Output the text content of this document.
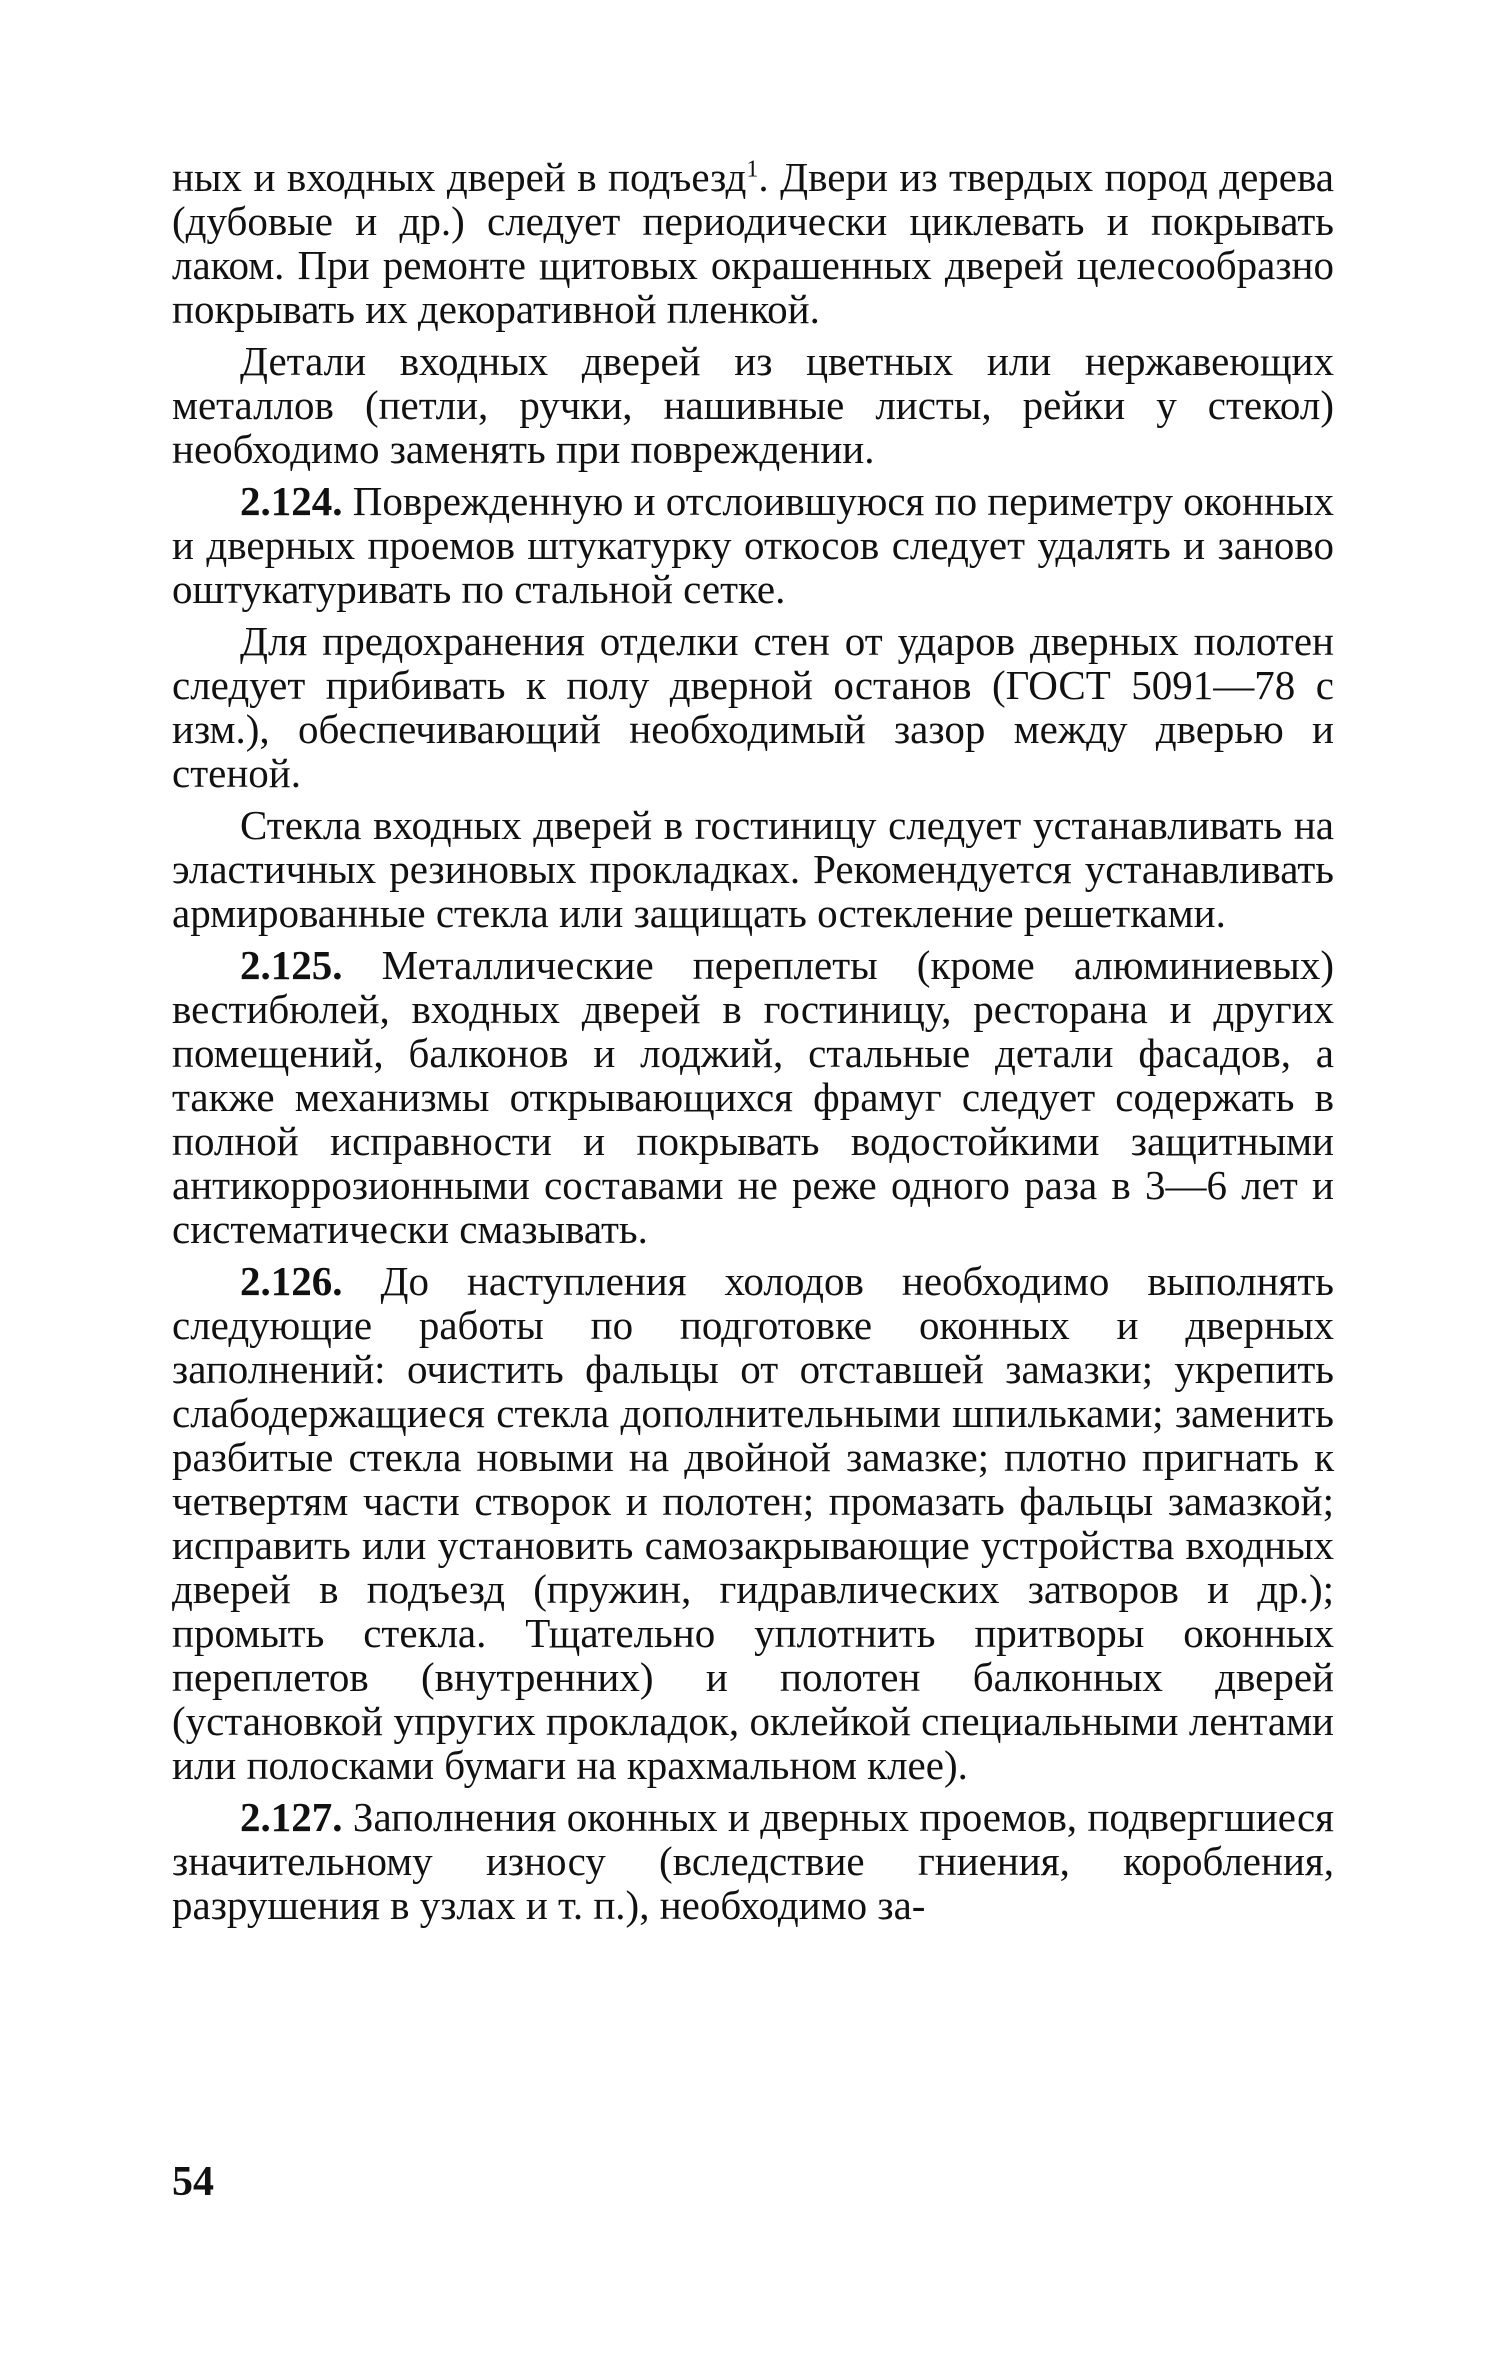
ных и входных дверей в подъезд$^1$. Двери из твердых пород дерева (дубовые и др.) следует периодически циклевать и покрывать лаком. При ремонте щитовых окрашенных дверей целесообразно покрывать их декоративной пленкой.

Детали входных дверей из цветных или нержавеющих металлов (петли, ручки, нашивные листы, рейки у стекол) необходимо заменять при повреждении.

2.124. Поврежденную и отслоившуюся по периметру оконных и дверных проемов штукатурку откосов следует удалять и заново оштукатуривать по стальной сетке.

Для предохранения отделки стен от ударов дверных полотен следует прибивать к полу дверной останов (ГОСТ 5091—78 с изм.), обеспечивающий необходимый зазор между дверью и стеной.

Стекла входных дверей в гостиницу следует устанавливать на эластичных резиновых прокладках. Рекомендуется устанавливать армированные стекла или защищать остекление решетками.

2.125. Металлические переплеты (кроме алюминиевых) вестибюлей, входных дверей в гостиницу, ресторана и других помещений, балконов и лоджий, стальные детали фасадов, а также механизмы открывающихся фрамуг следует содержать в полной исправности и покрывать водостойкими защитными антикоррозионными составами не реже одного раза в 3—6 лет и систематически смазывать.

2.126. До наступления холодов необходимо выполнять следующие работы по подготовке оконных и дверных заполнений: очистить фальцы от отставшей замазки; укрепить слабодержащиеся стекла дополнительными шпильками; заменить разбитые стекла новыми на двойной замазке; плотно пригнать к четвертям части створок и полотен; промазать фальцы замазкой; исправить или установить самозакрывающие устройства входных дверей в подъезд (пружин, гидравлических затворов и др.); промыть стекла. Тщательно уплотнить притворы оконных переплетов (внутренних) и полотен балконных дверей (установкой упругих прокладок, оклейкой специальными лентами или полосками бумаги на крахмальном клее).

2.127. Заполнения оконных и дверных проемов, подвергшиеся значительному износу (вследствие гниения, коробления, разрушения в узлах и т. п.), необходимо за-

54
